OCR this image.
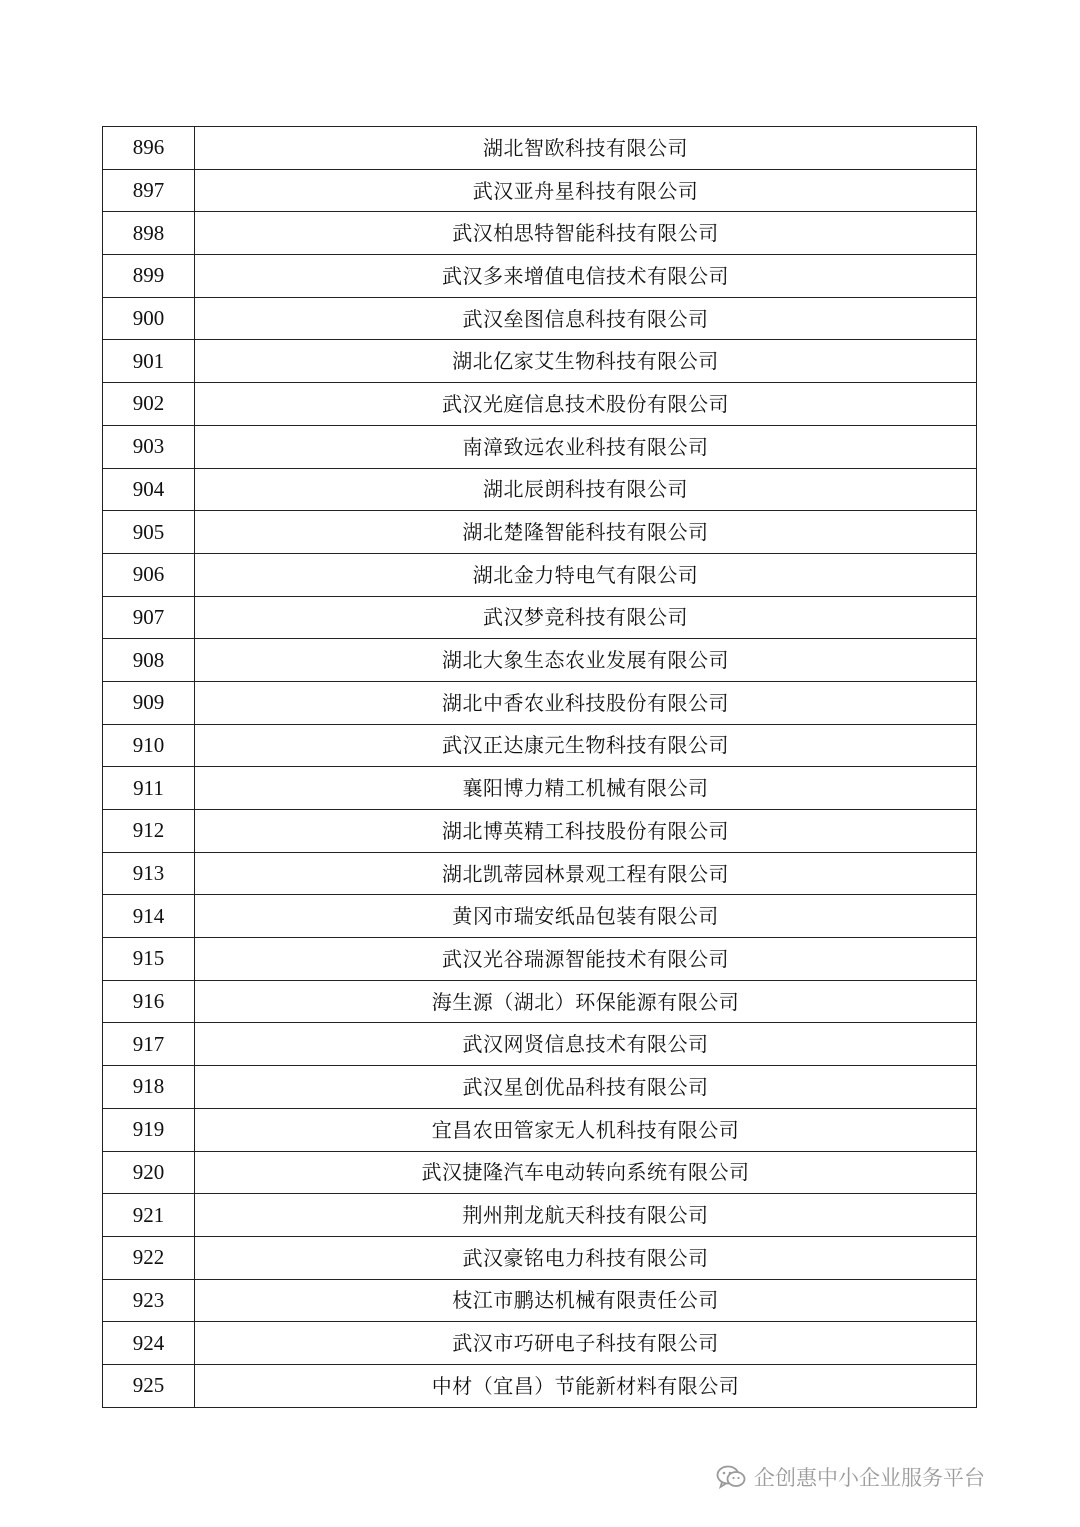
896	湖北智欧科技有限公司
897	武汉亚舟星科技有限公司
898	武汉柏思特智能科技有限公司
899	武汉多来增值电信技术有限公司
900	武汉垒图信息科技有限公司
901	湖北亿家艾生物科技有限公司
902	武汉光庭信息技术股份有限公司
903	南漳致远农业科技有限公司
904	湖北辰朗科技有限公司
905	湖北楚隆智能科技有限公司
906	湖北金力特电气有限公司
907	武汉梦竞科技有限公司
908	湖北大象生态农业发展有限公司
909	湖北中香农业科技股份有限公司
910	武汉正达康元生物科技有限公司
911	襄阳博力精工机械有限公司
912	湖北博英精工科技股份有限公司
913	湖北凯蒂园林景观工程有限公司
914	黄冈市瑞安纸品包装有限公司
915	武汉光谷瑞源智能技术有限公司
916	海生源（湖北）环保能源有限公司
917	武汉网贤信息技术有限公司
918	武汉星创优品科技有限公司
919	宜昌农田管家无人机科技有限公司
920	武汉捷隆汽车电动转向系统有限公司
921	荆州荆龙航天科技有限公司
922	武汉豪铭电力科技有限公司
923	枝江市鹏达机械有限责任公司
924	武汉市巧研电子科技有限公司
925	中材（宜昌）节能新材料有限公司
企创惠中小企业服务平台
